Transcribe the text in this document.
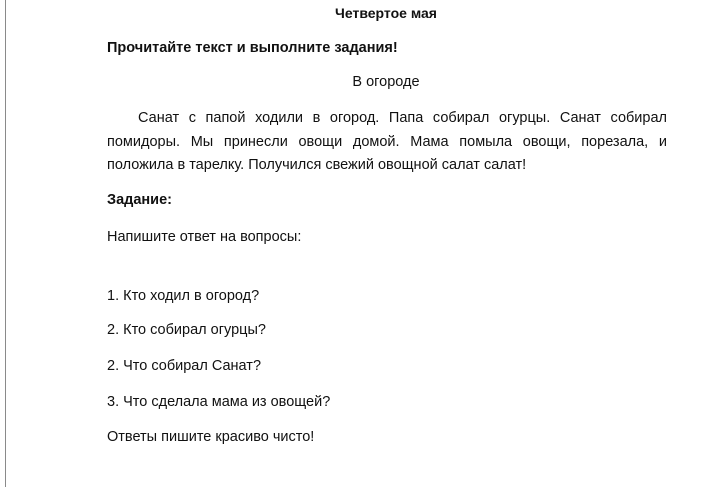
Четвертое мая
Прочитайте текст и выполните задания!
В огороде
Санат с папой ходили в огород. Папа собирал огурцы. Санат собирал помидоры. Мы принесли овощи домой. Мама помыла овощи, порезала, и положила в тарелку. Получился свежий овощной салат салат!
Задание:
Напишите ответ на вопросы:
1. Кто ходил в огород?
2. Кто собирал огурцы?
2. Что собирал Санат?
3. Что сделала мама из овощей?
Ответы пишите красиво чисто!
